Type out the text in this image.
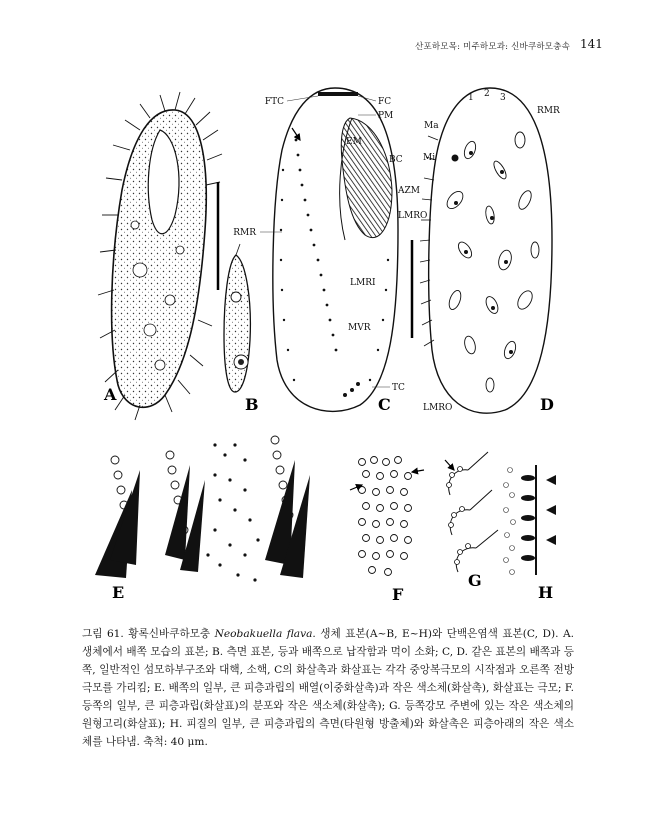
산포하모목: 미주하모과: 신바쿠하모충속 141
FTC	FC
PM
EM
BC
AZM
LMRO
RMR
LMRI
MVR
TC
RMR
Ma
Mi
LMRO
1 2 3
A
B	C	D
E	F
G
H
그림 61. 황록신바쿠하모충 Neobakuella flava. 생체 표본(A~B, E~H)와 단백은염색 표본(C, D). A. 생체에서 배쪽 모습의 표본; B. 측면 표본, 등과 배쪽으로 납작함과 먹이 소화; C, D. 같은 표본의 배쪽과 등쪽, 일반적인 섬모하부구조와 대핵, 소핵, C의 화살촉과 화살표는 각각 중앙복극모의 시작점과 오른쪽 전방극모를 가리킴; E. 배쪽의 일부, 큰 피층과립의 배열(이중화살촉)과 작은 색소체(화살촉), 화살표는 극모; F. 등쪽의 일부, 큰 피층과립(화살표)의 분포와 작은 색소체(화살촉); G. 등쪽강모 주변에 있는 작은 색소체의 원형고리(화살표); H. 피질의 일부, 큰 피층과립의 측면(타원형 방출체)와 화살촉은 피층아래의 작은 색소체를 나타냄. 축척: 40 μm.
